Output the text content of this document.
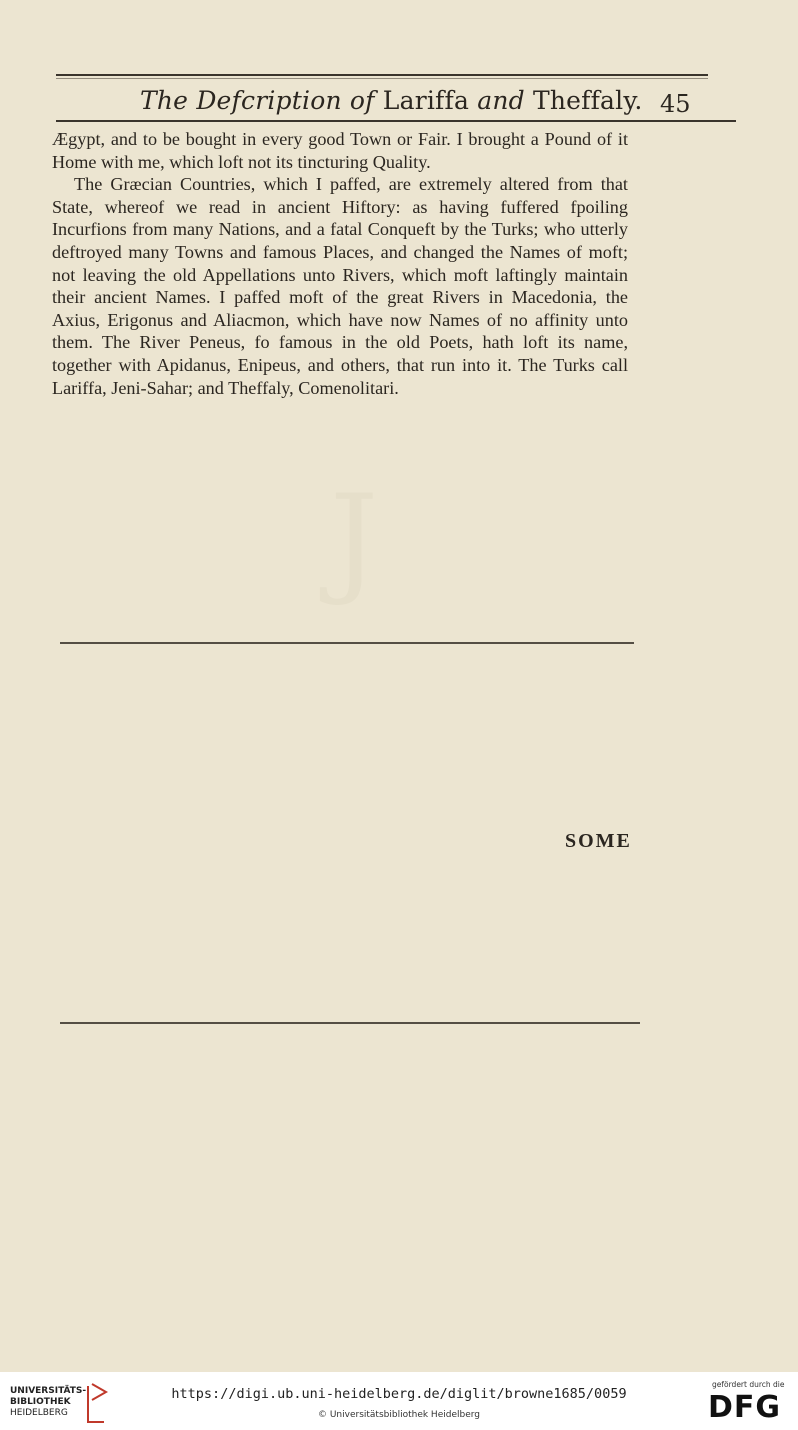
The Defcription of Lariffa and Theffaly. 45

Ægypt, and to be bought in every good Town or Fair. I brought a Pound of it Home with me, which loft not its tincturing Quality.

The Græcian Countries, which I paffed, are extremely altered from that State, whereof we read in ancient Hiftory: as having fuffered fpoiling Incurfions from many Nations, and a fatal Conqueft by the Turks; who utterly deftroyed many Towns and famous Places, and changed the Names of moft; not leaving the old Appellations unto Rivers, which moft laftingly maintain their ancient Names. I paffed moft of the great Rivers in Macedonia, the Axius, Erigonus and Aliacmon, which have now Names of no affinity unto them. The River Peneus, fo famous in the old Poets, hath loft its name, together with Apidanus, Enipeus, and others, that run into it. The Turks call Lariffa, Jeni-Sahar; and Theffaly, Comenolitari.

J
SOME
UNIVERSITÄTS-
BIBLIOTHEK
HEIDELBERG
https://digi.ub.uni-heidelberg.de/diglit/browne1685/0059
© Universitätsbibliothek Heidelberg
gefördert durch die
DFG
